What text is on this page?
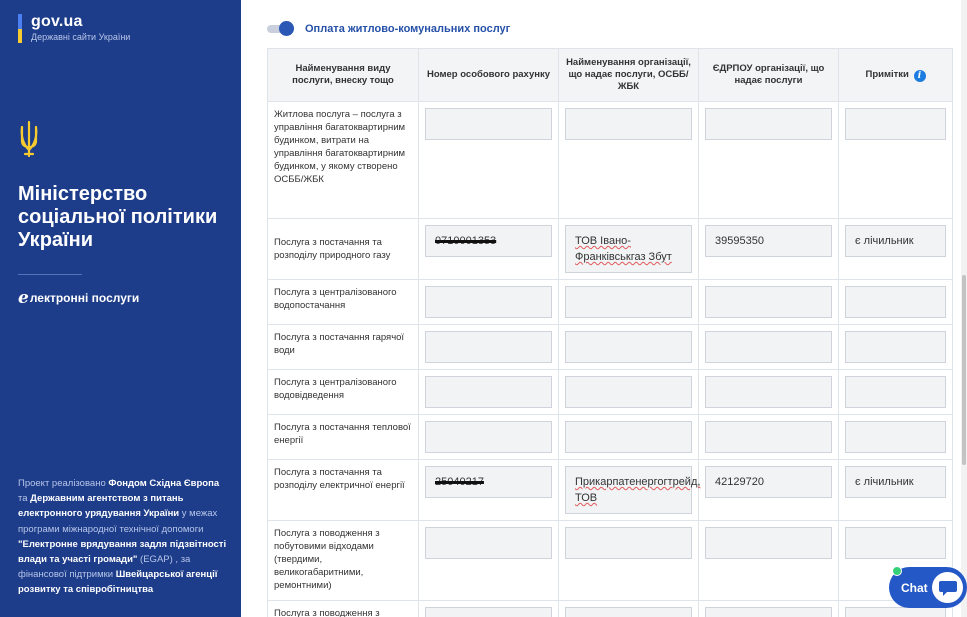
gov.ua
Державні сайти України
Міністерство соціальної політики України
е лектронні послуги
Проект реалізовано Фондом Східна Європа та Державним агентством з питань електронного урядування України у межах програми міжнародної технічної допомоги "Електронне врядування задля підзвітності влади та участі громади" (EGAP) , за фінансової підтримки Швейцарської агенції розвитку та співробітництва
Оплата житлово-комунальних послуг
Найменування виду послуги, внеску тощо	Номер особового рахунку	Найменування організації, що надає послуги, ОСББ/ЖБК	ЄДРПОУ організації, що надає послуги	Примітки i
Житлова послуга – послуга з управління багатоквартирним будинком, витрати на управління багатоквартирним будинком, у якому створено ОСББ/ЖБК	

Послуга з постачання та розподілу природного газу	0710001353	ТОВ Івано-Франківськгаз Збут	39595350	є лічильник

Послуга з централізованого водопостачання	

Послуга з постачання гарячої води	

Послуга з централізованого водовідведення	

Послуга з постачання теплової енергії	

Послуга з постачання та розподілу електричної енергії	25040217	Прикарпатенергогтрейд, ТОВ	42129720	є лічильник

Послуга з поводження з побутовими відходами (твердими, великогабаритними, ремонтними)	

Послуга з поводження з	

Chat
